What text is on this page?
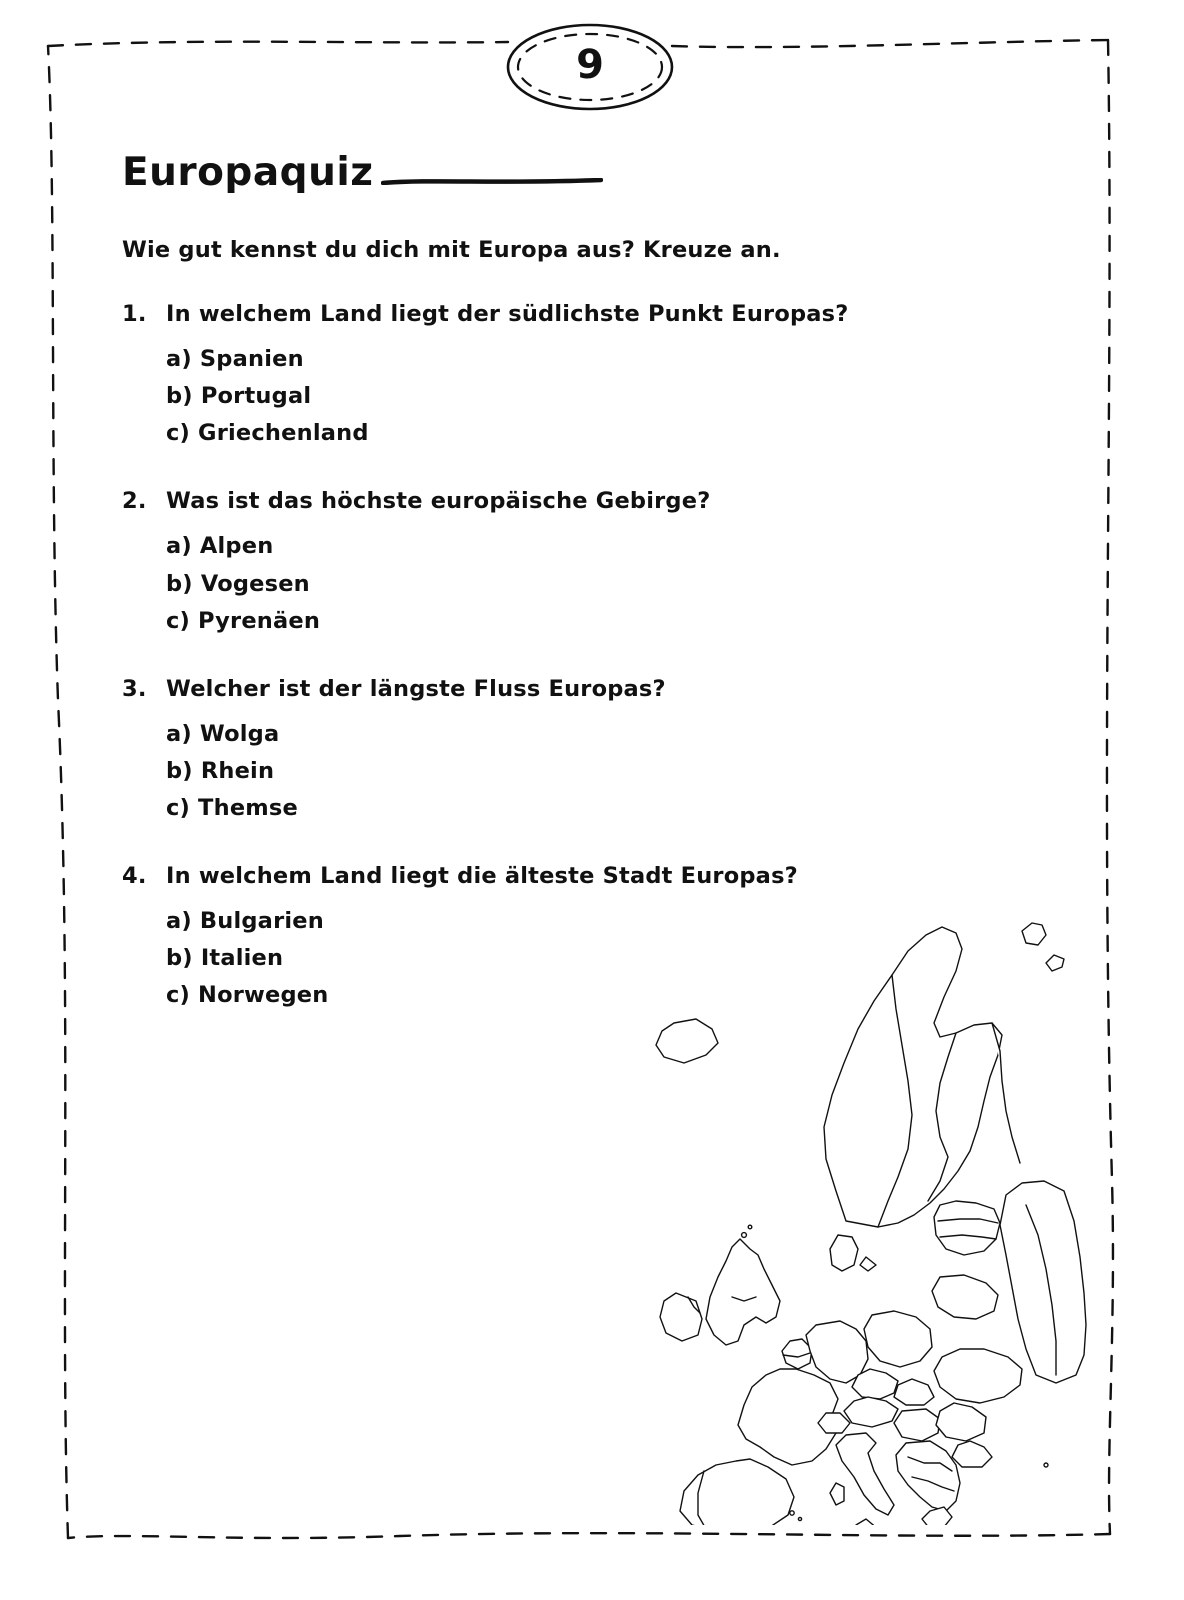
9
Europaquiz
Wie gut kennst du dich mit Europa aus? Kreuze an.
1. In welchem Land liegt der südlichste Punkt Europas?
a) Spanien
b) Portugal
c) Griechenland
2. Was ist das höchste europäische Gebirge?
a) Alpen
b) Vogesen
c) Pyrenäen
3. Welcher ist der längste Fluss Europas?
a) Wolga
b) Rhein
c) Themse
4. In welchem Land liegt die älteste Stadt Europas?
a) Bulgarien
b) Italien
c) Norwegen
